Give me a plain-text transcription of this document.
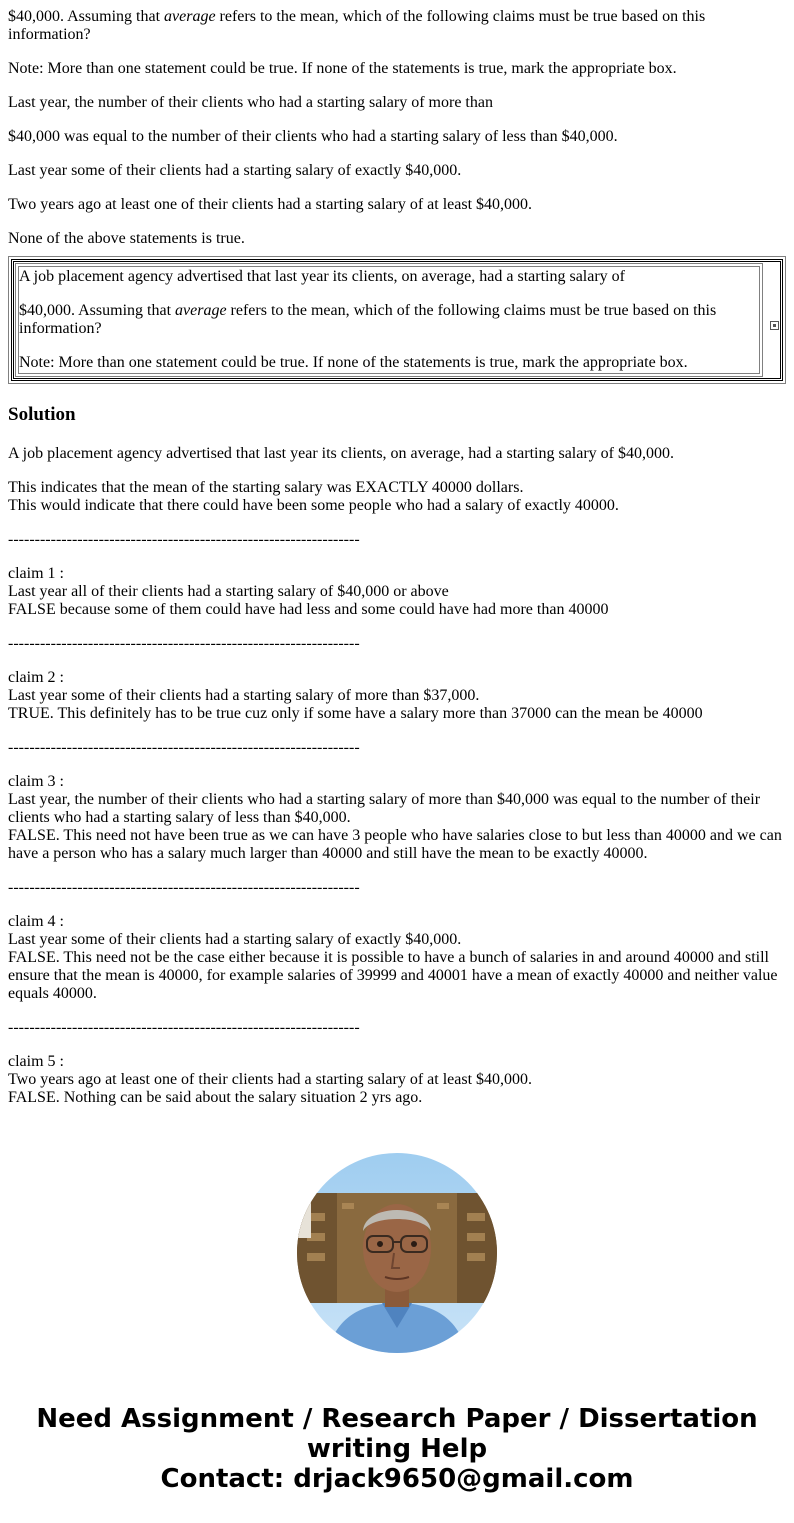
$40,000. Assuming that average refers to the mean, which of the following claims must be true based on this information?

Note: More than one statement could be true. If none of the statements is true, mark the appropriate box.

Last year, the number of their clients who had a starting salary of more than

$40,000 was equal to the number of their clients who had a starting salary of less than $40,000.

Last year some of their clients had a starting salary of exactly $40,000.

Two years ago at least one of their clients had a starting salary of at least $40,000.

None of the above statements is true.

A job placement agency advertised that last year its clients, on average, had a starting salary of

$40,000. Assuming that average refers to the mean, which of the following claims must be true based on this information?

Note: More than one statement could be true. If none of the statements is true, mark the appropriate box.

Solution

A job placement agency advertised that last year its clients, on average, had a starting salary of $40,000.

This indicates that the mean of the starting salary was EXACTLY 40000 dollars.
This would indicate that there could have been some people who had a salary of exactly 40000.

------------------------------------------------------------------

claim 1 :
Last year all of their clients had a starting salary of $40,000 or above
FALSE because some of them could have had less and some could have had more than 40000

------------------------------------------------------------------

claim 2 :
Last year some of their clients had a starting salary of more than $37,000.
TRUE. This definitely has to be true cuz only if some have a salary more than 37000 can the mean be 40000

------------------------------------------------------------------

claim 3 :
Last year, the number of their clients who had a starting salary of more than $40,000 was equal to the number of their clients who had a starting salary of less than $40,000.
FALSE. This need not have been true as we can have 3 people who have salaries close to but less than 40000 and we can have a person who has a salary much larger than 40000 and still have the mean to be exactly 40000.

------------------------------------------------------------------

claim 4 :
Last year some of their clients had a starting salary of exactly $40,000.
FALSE. This need not be the case either because it is possible to have a bunch of salaries in and around 40000 and still ensure that the mean is 40000, for example salaries of 39999 and 40001 have a mean of exactly 40000 and neither value equals 40000.

------------------------------------------------------------------

claim 5 :
Two years ago at least one of their clients had a starting salary of at least $40,000.
FALSE. Nothing can be said about the salary situation 2 yrs ago.

Need Assignment / Research Paper / Dissertation
writing Help
Contact: drjack9650@gmail.com
